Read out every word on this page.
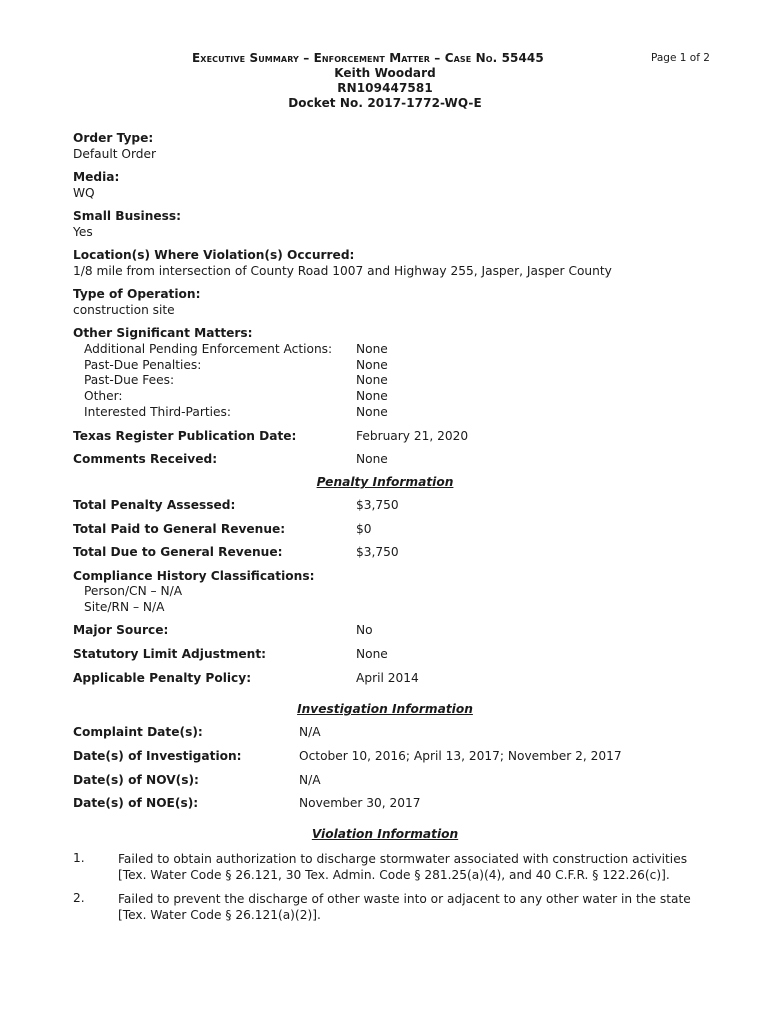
Executive Summary – Enforcement Matter – Case No. 55445	Page 1 of 2
Keith Woodard
RN109447581
Docket No. 2017-1772-WQ-E
Order Type:
Default Order
Media:
WQ
Small Business:
Yes
Location(s) Where Violation(s) Occurred:
1/8 mile from intersection of County Road 1007 and Highway 255, Jasper, Jasper County
Type of Operation:
construction site
Other Significant Matters:
Additional Pending Enforcement Actions: None
Past-Due Penalties:	None
Past-Due Fees:	None
Other:	None
Interested Third-Parties:	None
Texas Register Publication Date:	February 21, 2020
Comments Received:	None
Penalty Information
Total Penalty Assessed:	$3,750
Total Paid to General Revenue:	$0
Total Due to General Revenue:	$3,750
Compliance History Classifications:
Person/CN – N/A
Site/RN – N/A
Major Source:	No
Statutory Limit Adjustment:	None
Applicable Penalty Policy:	April 2014
Investigation Information
Complaint Date(s):	N/A
Date(s) of Investigation:	October 10, 2016; April 13, 2017; November 2, 2017
Date(s) of NOV(s):	N/A
Date(s) of NOE(s):	November 30, 2017
Violation Information
1.	Failed to obtain authorization to discharge stormwater associated with construction activities [Tex. Water Code § 26.121, 30 Tex. Admin. Code § 281.25(a)(4), and 40 C.F.R. § 122.26(c)].
2.	Failed to prevent the discharge of other waste into or adjacent to any other water in the state [Tex. Water Code § 26.121(a)(2)].
